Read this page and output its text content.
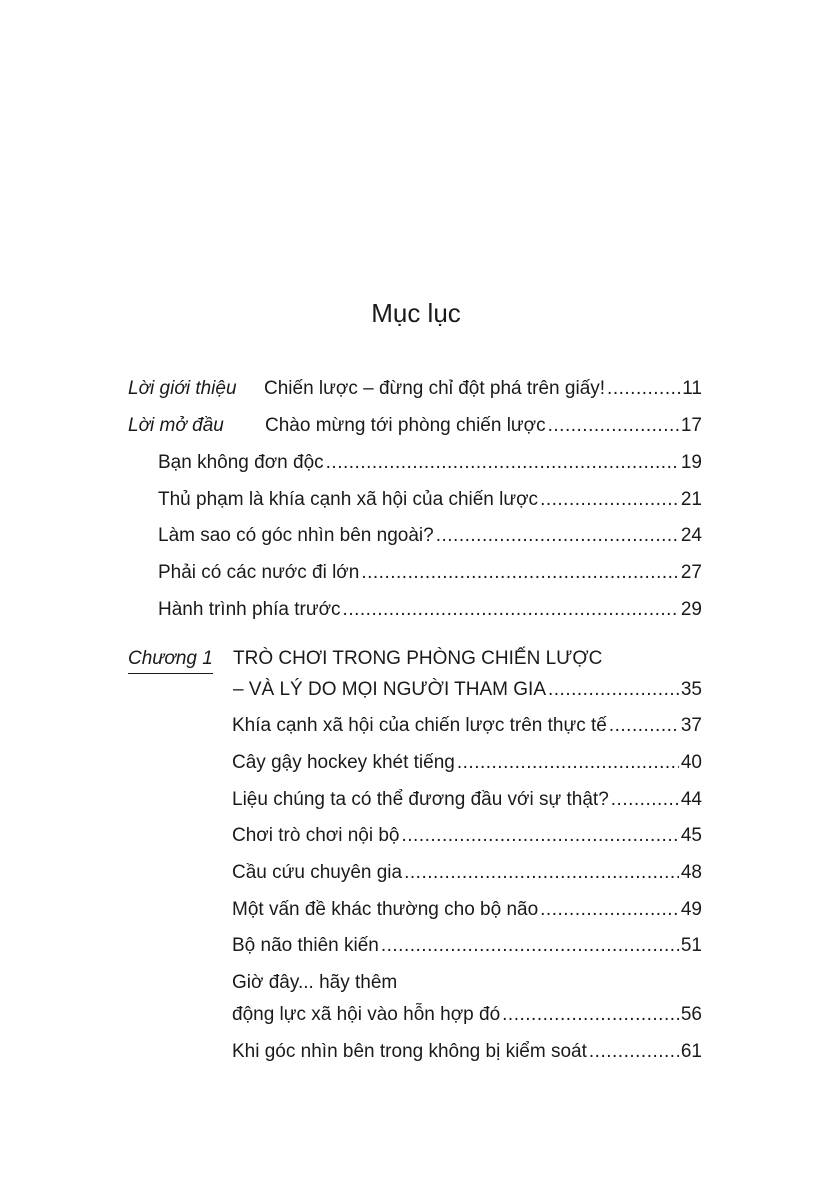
Mục lục
Lời giới thiệu Chiến lược – đừng chỉ đột phá trên giấy! .....	11
Lời mở đầu Chào mừng tới phòng chiến lược .....	17
Bạn không đơn độc .....	19
Thủ phạm là khía cạnh xã hội của chiến lược .....	21
Làm sao có góc nhìn bên ngoài? .....	24
Phải có các nước đi lớn .....	27
Hành trình phía trước .....	29
Chương 1 TRÒ CHƠI TRONG PHÒNG CHIẾN LƯỢC
– VÀ LÝ DO MỌI NGƯỜI THAM GIA .....	35
Khía cạnh xã hội của chiến lược trên thực tế .....	37
Cây gậy hockey khét tiếng .....	40
Liệu chúng ta có thể đương đầu với sự thật? .....	44
Chơi trò chơi nội bộ .....	45
Cầu cứu chuyên gia .....	48
Một vấn đề khác thường cho bộ não .....	49
Bộ não thiên kiến .....	51
Giờ đây... hãy thêm
động lực xã hội vào hỗn hợp đó .....	56
Khi góc nhìn bên trong không bị kiểm soát .....	61
